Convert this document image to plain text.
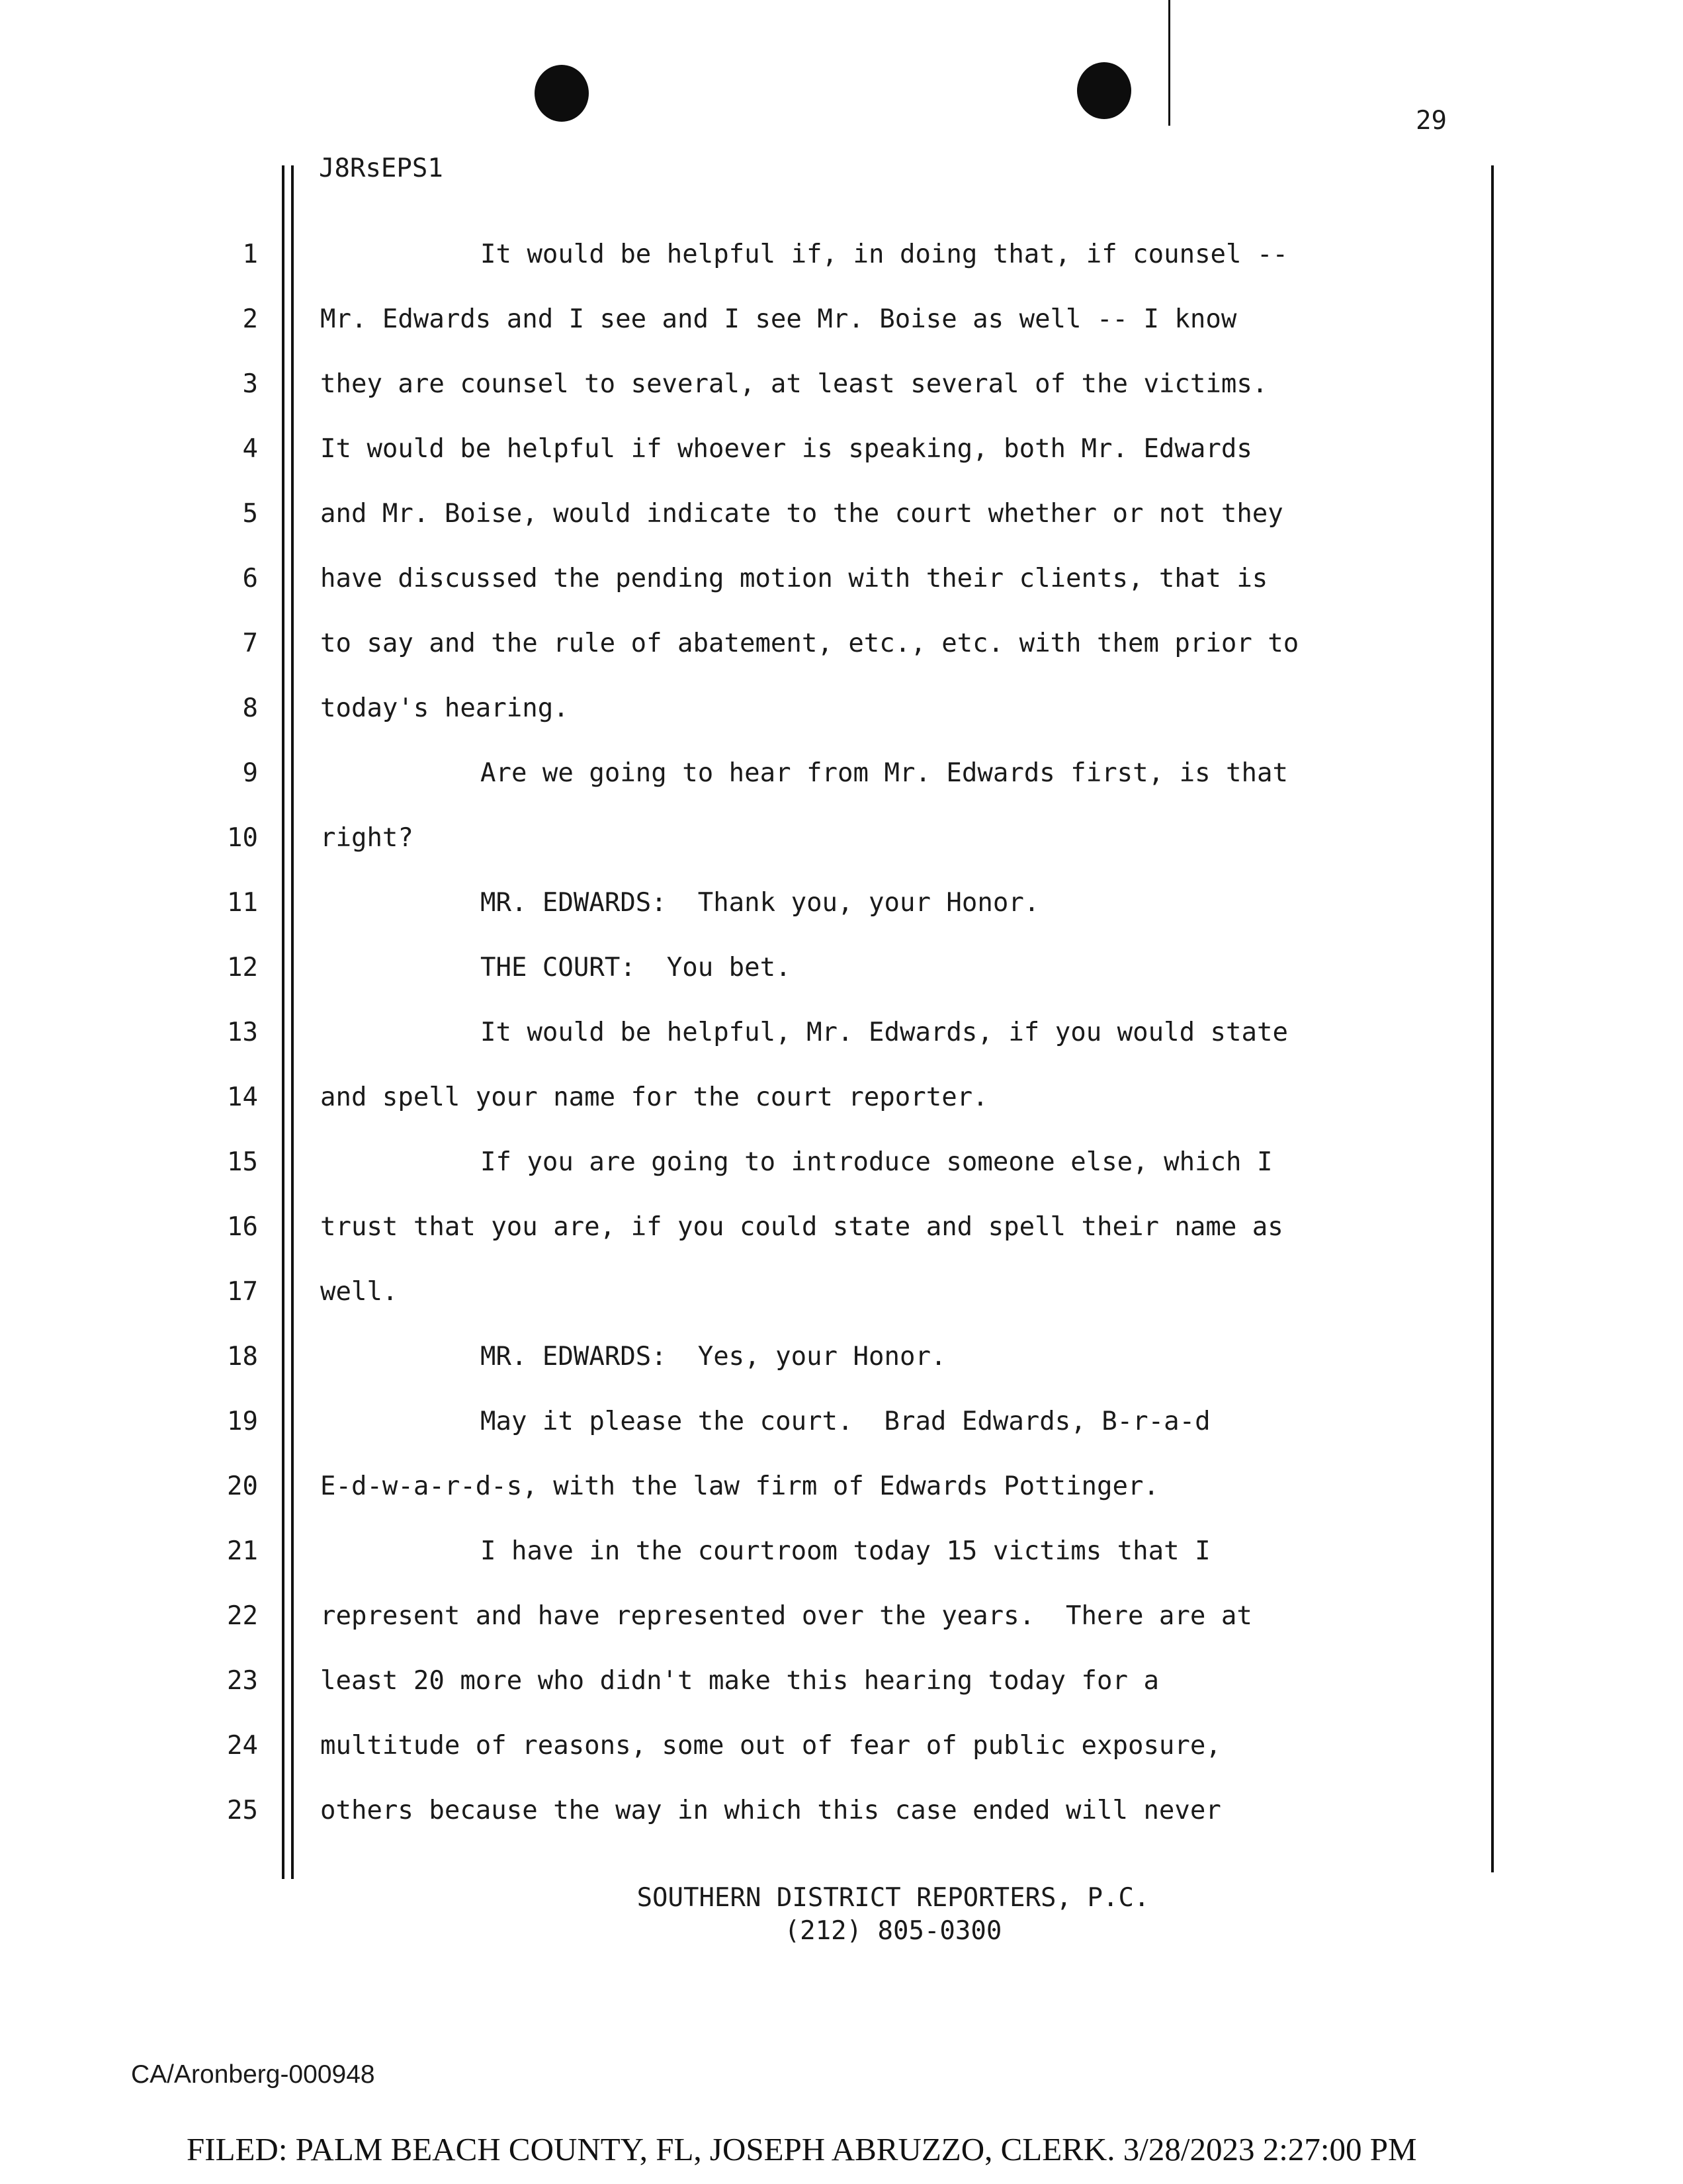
29
J8RsEPS1
1	It would be helpful if, in doing that, if counsel --
2 Mr. Edwards and I see and I see Mr. Boise as well -- I know
3 they are counsel to several, at least several of the victims.
4 It would be helpful if whoever is speaking, both Mr. Edwards
5 and Mr. Boise, would indicate to the court whether or not they
6 have discussed the pending motion with their clients, that is
7 to say and the rule of abatement, etc., etc. with them prior to
8 today's hearing.
9	Are we going to hear from Mr. Edwards first, is that
10 right?
11	MR. EDWARDS:  Thank you, your Honor.
12	THE COURT:  You bet.
13	It would be helpful, Mr. Edwards, if you would state
14 and spell your name for the court reporter.
15	If you are going to introduce someone else, which I
16 trust that you are, if you could state and spell their name as
17 well.
18	MR. EDWARDS:  Yes, your Honor.
19	May it please the court.  Brad Edwards, B-r-a-d
20 E-d-w-a-r-d-s, with the law firm of Edwards Pottinger.
21	I have in the courtroom today 15 victims that I
22 represent and have represented over the years.  There are at
23 least 20 more who didn't make this hearing today for a
24 multitude of reasons, some out of fear of public exposure,
25 others because the way in which this case ended will never
SOUTHERN DISTRICT REPORTERS, P.C.
(212) 805-0300
CA/Aronberg-000948
FILED: PALM BEACH COUNTY, FL, JOSEPH ABRUZZO, CLERK. 3/28/2023 2:27:00 PM
